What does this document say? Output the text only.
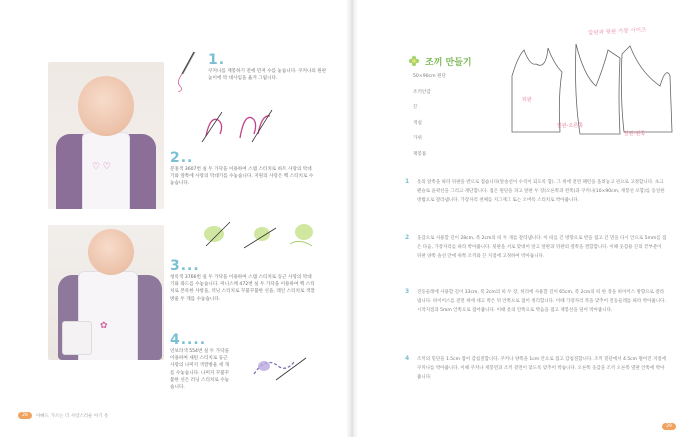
♡ ♡
✿
1.
쿠커나를 재봉하기 전에 먼저 수를 놓습니다. 쿠커나의 원판 높이에 막 대사임을 옮겨 그립니다.
2..
분홍색 3607번 실 두 가닥을 이용하여 스템 스티치로 하트 사랑의 막대기와 앞쪽에 사랑의 막대기를 수놓습니다. 지원의 사랑은 백 스티치로 수놓습니다.
3...
청록색 3766번 실 두 가닥을 이용하여 스템 스티치로 동근 사랑의 막대기와 좌드를 수놓습니다. 미니스케 472번 실 두 가닥을 이용하여 백 스티치로 본록한 사항을, 러닝 스티치로 꾸불꾸불한 선을, 레인 스티치로 색깔방울 두 개를 수놓습니다.
4....
연보라색 554번 실 두 가닥을 이용하여 새틴 스티치로 둥근 사랑의 나머지 색깔방울 세 개를 수놓습니다. 나머지 꾸불꾸불한 선은 러닝 스티치로 수놓습니다.
28	아빠도 가르는 더 사랑스러운 아기 옷
조끼 만들기
50×90cm 원단
조끼안감
끈
색실
가위
재봉틀
앞판과 뒷판 가봉 사이즈
뒤판
앞판-오른쪽
앞판-왼쪽
1 옷의 앞쪽을 따라 뒤판을 반으로 접습니다(앞솔선이 수직이 되도록 함). 그 위에 겉면 패턴을 올려놓고 핀으로 고정합니다. 초크펜슬로 윤곽선을 그리고 재단합니다. 접은 원단을 펴고 앞판 두 장(오른쪽과 왼쪽)과 쿠커나(10×90cm, 재봉선 포함)를 동일한 방법으로 잘라냅니다. 가장자리 천체를 지그재그 또는 오버록 스티치로 박아줍니다.
2 웃감으로 사용할 길이 28cm, 폭 2cm의 띠 두 개를 잘라냅니다. 이 띠를 긴 방향으로 반을 접고 긴 면을 다시 안으로 5mm를 접은 다음, 가장자리를 따라 박아줍니다. 뒷판을 서로 맞대어 앞고 앞판과 뒤판의 옆쪽을 결합합니다. 이때 웃감용 끈의 끝부분이 뒤판 양쪽 솔선 안에 위쪽 조끼와 끈 지점에 고정하여 박아둡니다.
3 진동둘레에 사용할 길이 33cm, 폭 2cm의 띠 두 장, 허리에 사용할 길이 65cm, 폭 2cm의 띠 한 장을 바이어스 방향으로 잘라냅니다. 바이어스를 겉면 위에 대고 박은 뒤 안쪽으로 접어 정리합니다. 이때 가장자리 폭을 맞추어 진동둘레를 따라 박아줍니다. 시작지점과 5mm 안쪽으로 접어줍니다. 이때 옷의 안쪽으로 박음을 접고 재봉선을 덮어 박아줍니다.
4 조끼의 밑단을 1.5cm 접어 감침질합니다. 쿠커나 양쪽을 1cm 안으로 접고 감침질합니다. 조끼 밑단에서 4.5cm 떨어진 지점에 쿠커나를 박아줍니다. 이때 쿠커나 재봉면과 조끼 겉면이 닿도록 맞추어 박습니다. 오른쪽 웃감을 조끼 오른쪽 옆판 안쪽에 박아줍니다.
29
